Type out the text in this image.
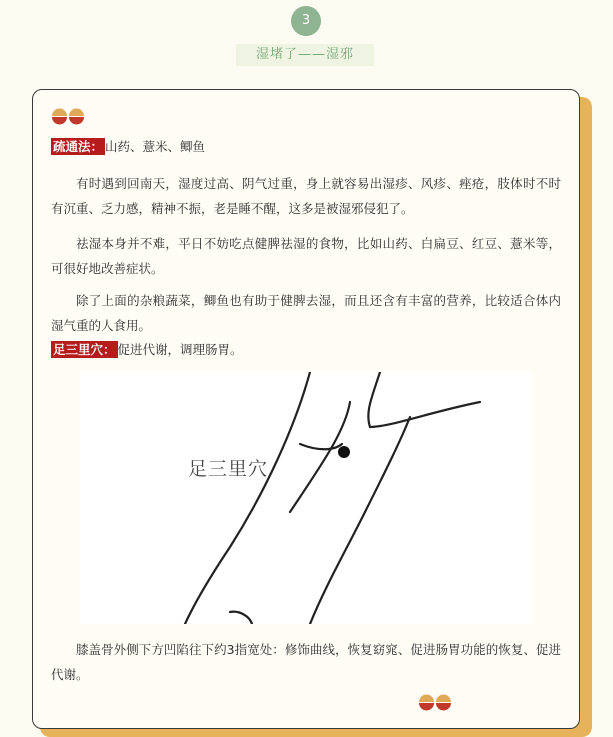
3
湿堵了——湿邪
疏通法： 山药、薏米、鲫鱼
有时遇到回南天，湿度过高、阴气过重，身上就容易出湿疹、风疹、痤疮，肢体时不时有沉重、乏力感，精神不振，老是睡不醒，这多是被湿邪侵犯了。
祛湿本身并不难，平日不妨吃点健脾祛湿的食物，比如山药、白扁豆、红豆、薏米等，可很好地改善症状。
除了上面的杂粮蔬菜，鲫鱼也有助于健脾去湿，而且还含有丰富的营养，比较适合体内湿气重的人食用。
足三里穴： 促进代谢，调理肠胃。
足三里穴
膝盖骨外侧下方凹陷往下约3指宽处：修饰曲线，恢复窈窕、促进肠胃功能的恢复、促进代谢。
